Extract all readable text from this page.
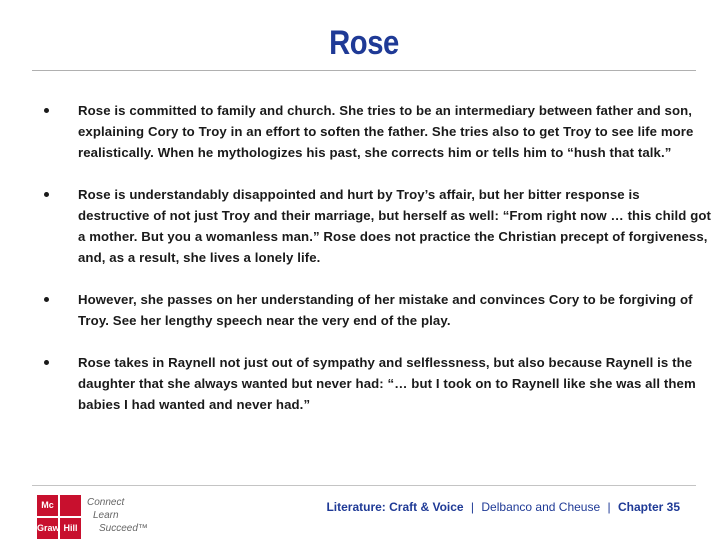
Rose
Rose is committed to family and church. She tries to be an intermediary between father and son, explaining Cory to Troy in an effort to soften the father. She tries also to get Troy to see life more realistically. When he mythologizes his past, she corrects him or tells him to “hush that talk.”
Rose is understandably disappointed and hurt by Troy’s affair, but her bitter response is destructive of not just Troy and their marriage, but herself as well: “From right now … this child got a mother. But you a womanless man.” Rose does not practice the Christian precept of forgiveness, and, as a result, she lives a lonely life.
However, she passes on her understanding of her mistake and convinces Cory to be forgiving of Troy. See her lengthy speech near the very end of the play.
Rose takes in Raynell not just out of sympathy and selflessness, but also because Raynell is the daughter that she always wanted but never had: “… but I took on to Raynell like she was all them babies I had wanted and never had.”
Mc
Graw Hill
Connect
Learn
Succeed™
Literature: Craft & Voice | Delbanco and Cheuse | Chapter 35
